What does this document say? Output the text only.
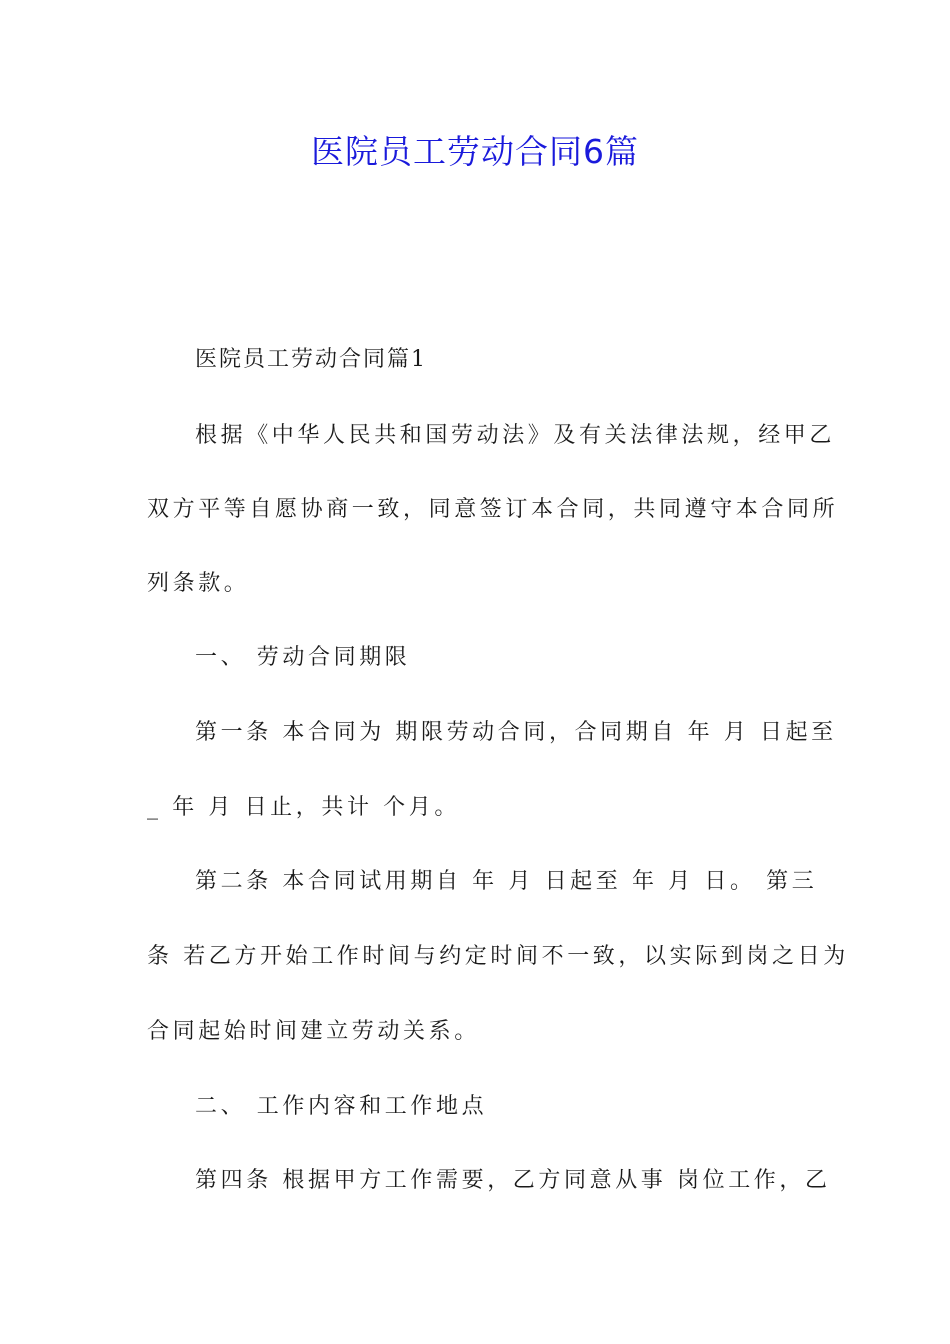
医院员工劳动合同6篇
医院员工劳动合同篇1
根据《中华人民共和国劳动法》及有关法律法规，经甲乙
双方平等自愿协商一致，同意签订本合同，共同遵守本合同所
列条款。
一、 劳动合同期限
第一条 本合同为 期限劳动合同，合同期自 年 月 日起至
_ 年 月 日止，共计 个月。
第二条 本合同试用期自 年 月 日起至 年 月 日。 第三
条 若乙方开始工作时间与约定时间不一致，以实际到岗之日为
合同起始时间建立劳动关系。
二、 工作内容和工作地点
第四条 根据甲方工作需要，乙方同意从事 岗位工作，乙
